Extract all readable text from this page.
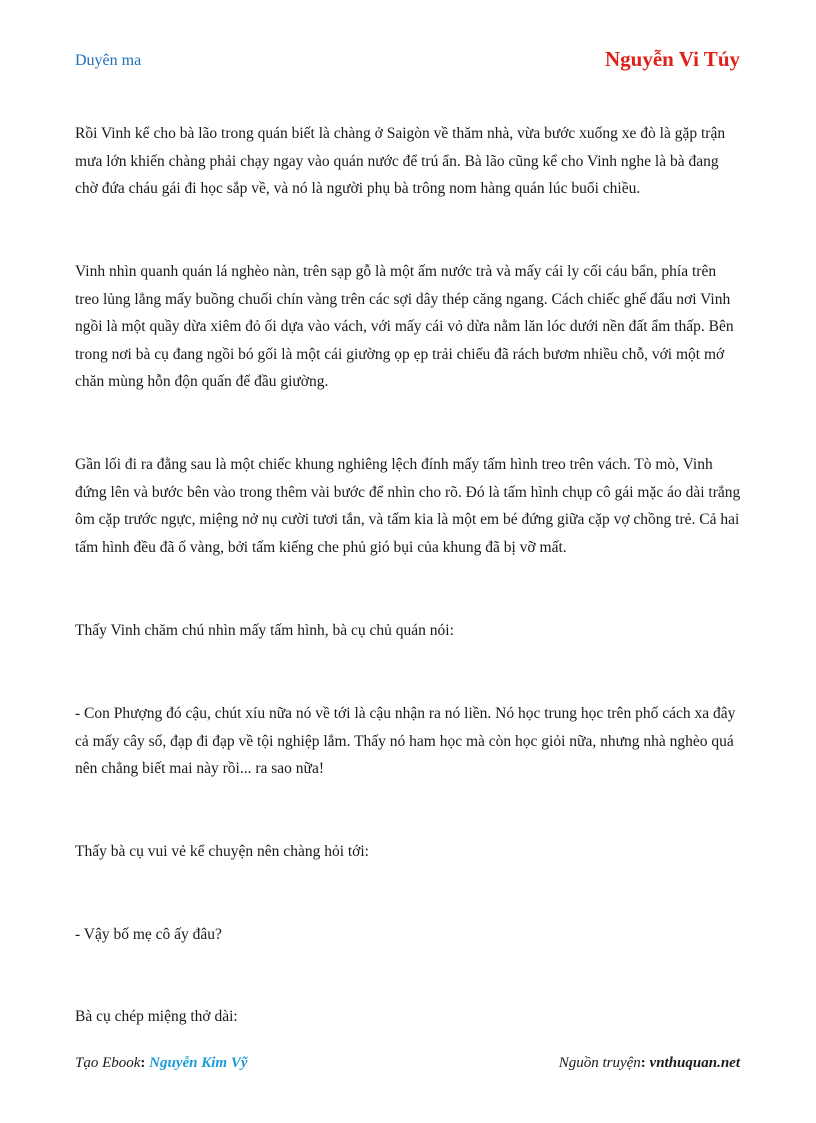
Duyên ma	Nguyễn Vi Túy

Rồi Vinh kể cho bà lão trong quán biết là chàng ở Saigòn về thăm nhà, vừa bước xuống xe đò là gặp trận mưa lớn khiến chàng phải chạy ngay vào quán nước để trú ẩn. Bà lão cũng kể cho Vinh nghe là bà đang chờ đứa cháu gái đi học sắp về, và nó là người phụ bà trông nom hàng quán lúc buổi chiều.

Vinh nhìn quanh quán lá nghèo nàn, trên sạp gỗ là một ấm nước trà và mấy cái ly cối cáu bẩn, phía trên treo lủng lẳng mấy buồng chuối chín vàng trên các sợi dây thép căng ngang. Cách chiếc ghế đẩu nơi Vinh ngồi là một quầy dừa xiêm đỏ ối dựa vào vách, với mấy cái vỏ dừa nằm lăn lóc dưới nền đất ẩm thấp. Bên trong nơi bà cụ đang ngồi bó gối là một cái giường ọp ẹp trải chiếu đã rách bươm nhiều chỗ, với một mớ chăn mùng hỗn độn quấn để đầu giường.

Gần lối đi ra đằng sau là một chiếc khung nghiêng lệch đính mấy tấm hình treo trên vách. Tò mò, Vinh đứng lên và bước bên vào trong thêm vài bước để nhìn cho rõ. Đó là tấm hình chụp cô gái mặc áo dài trắng ôm cặp trước ngực, miệng nở nụ cười tươi tắn, và tấm kia là một em bé đứng giữa cặp vợ chồng trẻ. Cả hai tấm hình đều đã ố vàng, bởi tấm kiếng che phủ gió bụi của khung đã bị vỡ mất.

Thấy Vinh chăm chú nhìn mấy tấm hình, bà cụ chủ quán nói:

- Con Phượng đó cậu, chút xíu nữa nó về tới là cậu nhận ra nó liền. Nó học trung học trên phố cách xa đây cả mấy cây số, đạp đi đạp về tội nghiệp lắm. Thấy nó ham học mà còn học giỏi nữa, nhưng nhà nghèo quá nên chẳng biết mai này rồi... ra sao nữa!

Thấy bà cụ vui vẻ kể chuyện nên chàng hỏi tới:

- Vậy bố mẹ cô ấy đâu?

Bà cụ chép miệng thở dài:

Tạo Ebook: Nguyễn Kim Vỹ	Nguồn truyện: vnthuquan.net
